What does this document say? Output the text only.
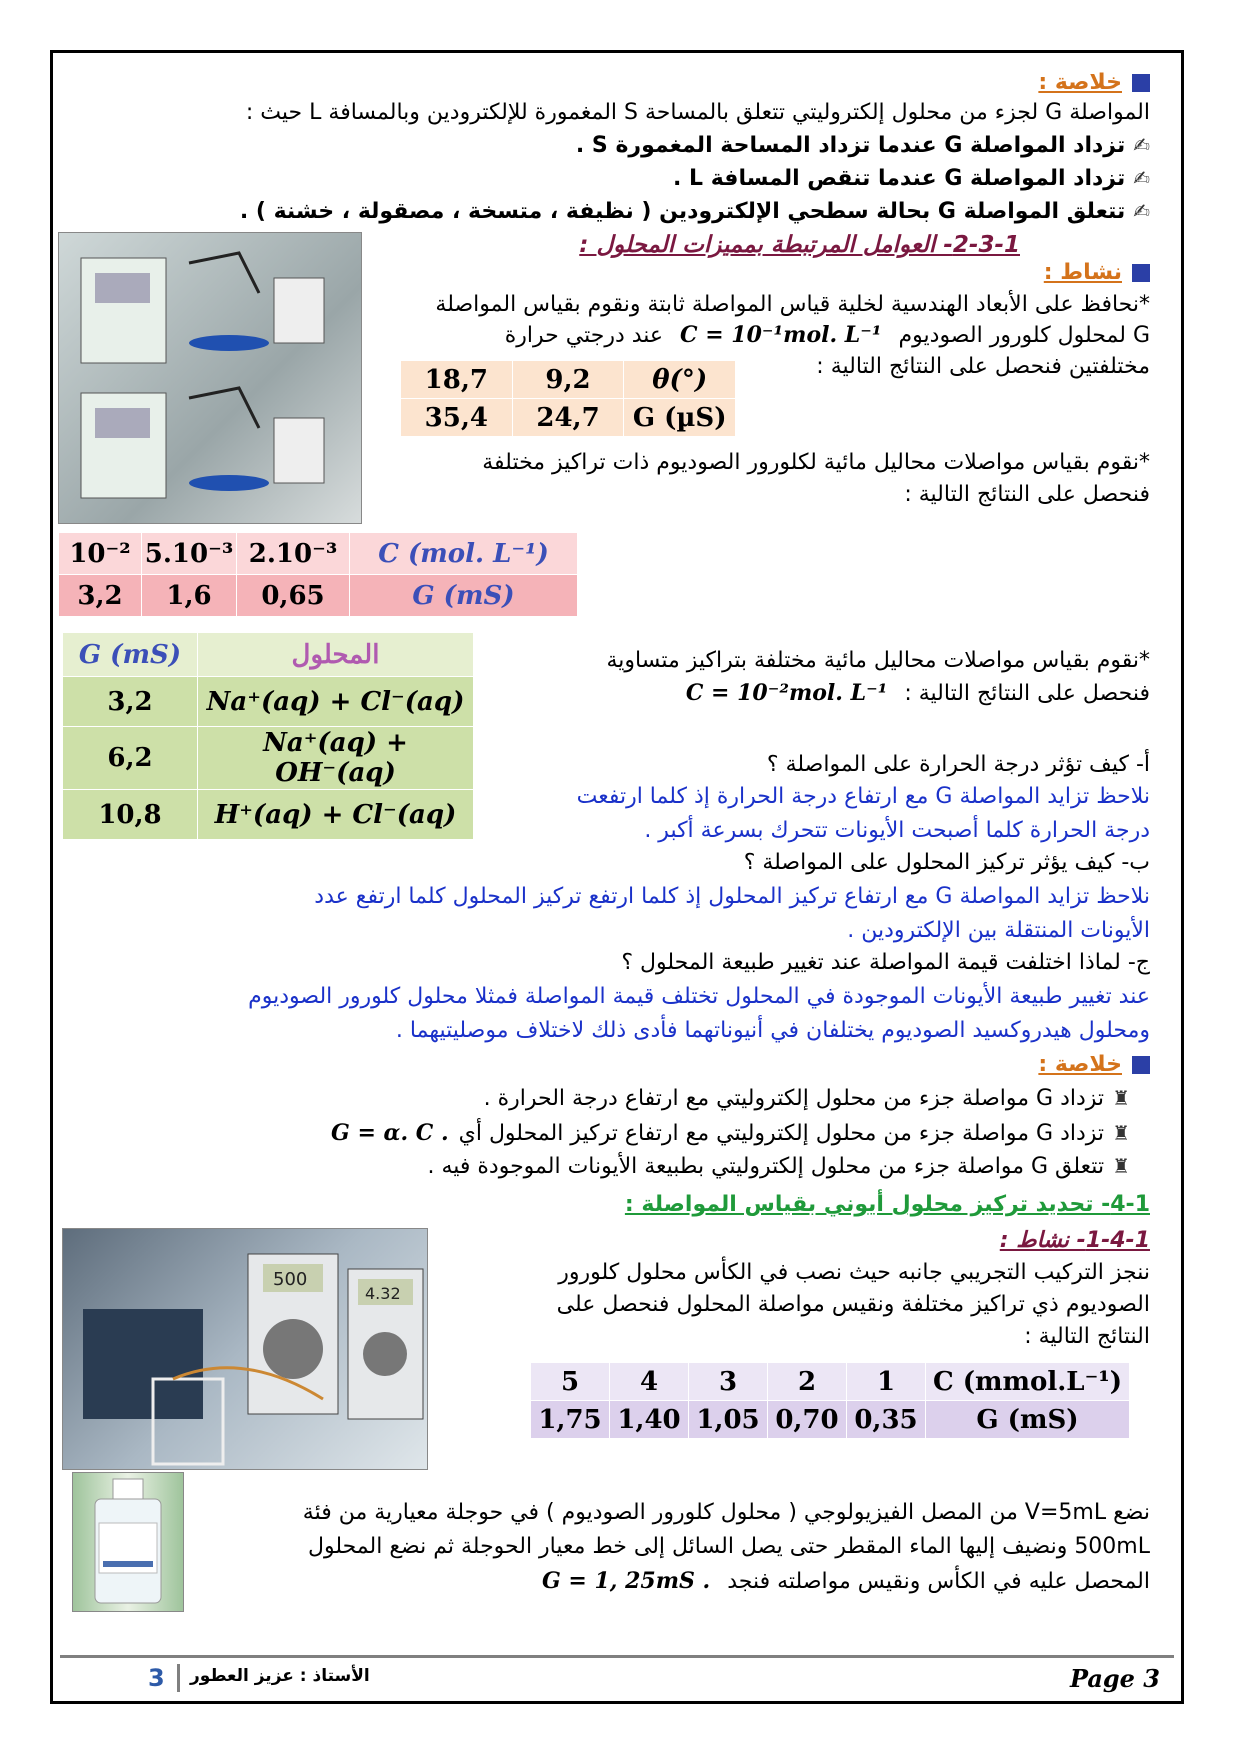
خلاصة :
المواصلة G لجزء من محلول إلكتروليتي تتعلق بالمساحة S المغمورة للإلكترودين وبالمسافة L حيث :
✍تزداد المواصلة G عندما تزداد المساحة المغمورة S .
✍تزداد المواصلة G عندما تنقص المسافة L .
✍تتعلق المواصلة G بحالة سطحي الإلكترودين ( نظيفة ، متسخة ، مصقولة ، خشنة ) .
2-3-1- العوامل المرتبطة بمميزات المحلول :
نشاط :
*نحافظ على الأبعاد الهندسية لخلية قياس المواصلة ثابتة ونقوم بقياس المواصلة
G لمحلول كلورور الصوديوم C = 10⁻¹mol. L⁻¹ عند درجتي حرارة
مختلفتين فنحصل على النتائج التالية :
18,7	9,2	θ(°)
35,4	24,7	G (µS)
*نقوم بقياس مواصلات محاليل مائية لكلورور الصوديوم ذات تراكيز مختلفة
فنحصل على النتائج التالية :
10⁻²	5.10⁻³	2.10⁻³	C (mol. L⁻¹)
3,2	1,6	0,65	G (mS)
G (mS)	المحلول
3,2	Na⁺(aq) + Cl⁻(aq)
6,2	Na⁺(aq) + OH⁻(aq)
10,8	H⁺(aq) + Cl⁻(aq)
*نقوم بقياس مواصلات محاليل مائية مختلفة بتراكيز متساوية
فنحصل على النتائج التالية : C = 10⁻²mol. L⁻¹
أ- كيف تؤثر درجة الحرارة على المواصلة ؟
نلاحظ تزايد المواصلة G مع ارتفاع درجة الحرارة إذ كلما ارتفعت
درجة الحرارة كلما أصبحت الأيونات تتحرك بسرعة أكبر .
ب- كيف يؤثر تركيز المحلول على المواصلة ؟
نلاحظ تزايد المواصلة G مع ارتفاع تركيز المحلول إذ كلما ارتفع تركيز المحلول كلما ارتفع عدد
الأيونات المنتقلة بين الإلكترودين .
ج- لماذا اختلفت قيمة المواصلة عند تغيير طبيعة المحلول ؟
عند تغيير طبيعة الأيونات الموجودة في المحلول تختلف قيمة المواصلة فمثلا محلول كلورور الصوديوم
ومحلول هيدروكسيد الصوديوم يختلفان في أنيوناتهما فأدى ذلك لاختلاف موصليتيهما .
خلاصة :
♜تزداد G مواصلة جزء من محلول إلكتروليتي مع ارتفاع درجة الحرارة .
♜تزداد G مواصلة جزء من محلول إلكتروليتي مع ارتفاع تركيز المحلول أيG = α. C .
♜تتعلق G مواصلة جزء من محلول إلكتروليتي بطبيعة الأيونات الموجودة فيه .
4-1- تحديد تركيز محلول أيوني بقياس المواصلة :
500
4.32
1-4-1- نشاط :
ننجز التركيب التجريبي جانبه حيث نصب في الكأس محلول كلورور
الصوديوم ذي تراكيز مختلفة ونقيس مواصلة المحلول فنحصل على
النتائج التالية :
5	4	3	2	1	C (mmol.L⁻¹)
1,75	1,40	1,05	0,70	0,35	G (mS)
نضع V=5mL من المصل الفيزيولوجي ( محلول كلورور الصوديوم ) في حوجلة معيارية من فئة
500mL ونضيف إليها الماء المقطر حتى يصل السائل إلى خط معيار الحوجلة ثم نضع المحلول
المحصل عليه في الكأس ونقيس مواصلته فنجد G = 1, 25mS .
3	الأستاذ : عزيز العطور	Page 3
